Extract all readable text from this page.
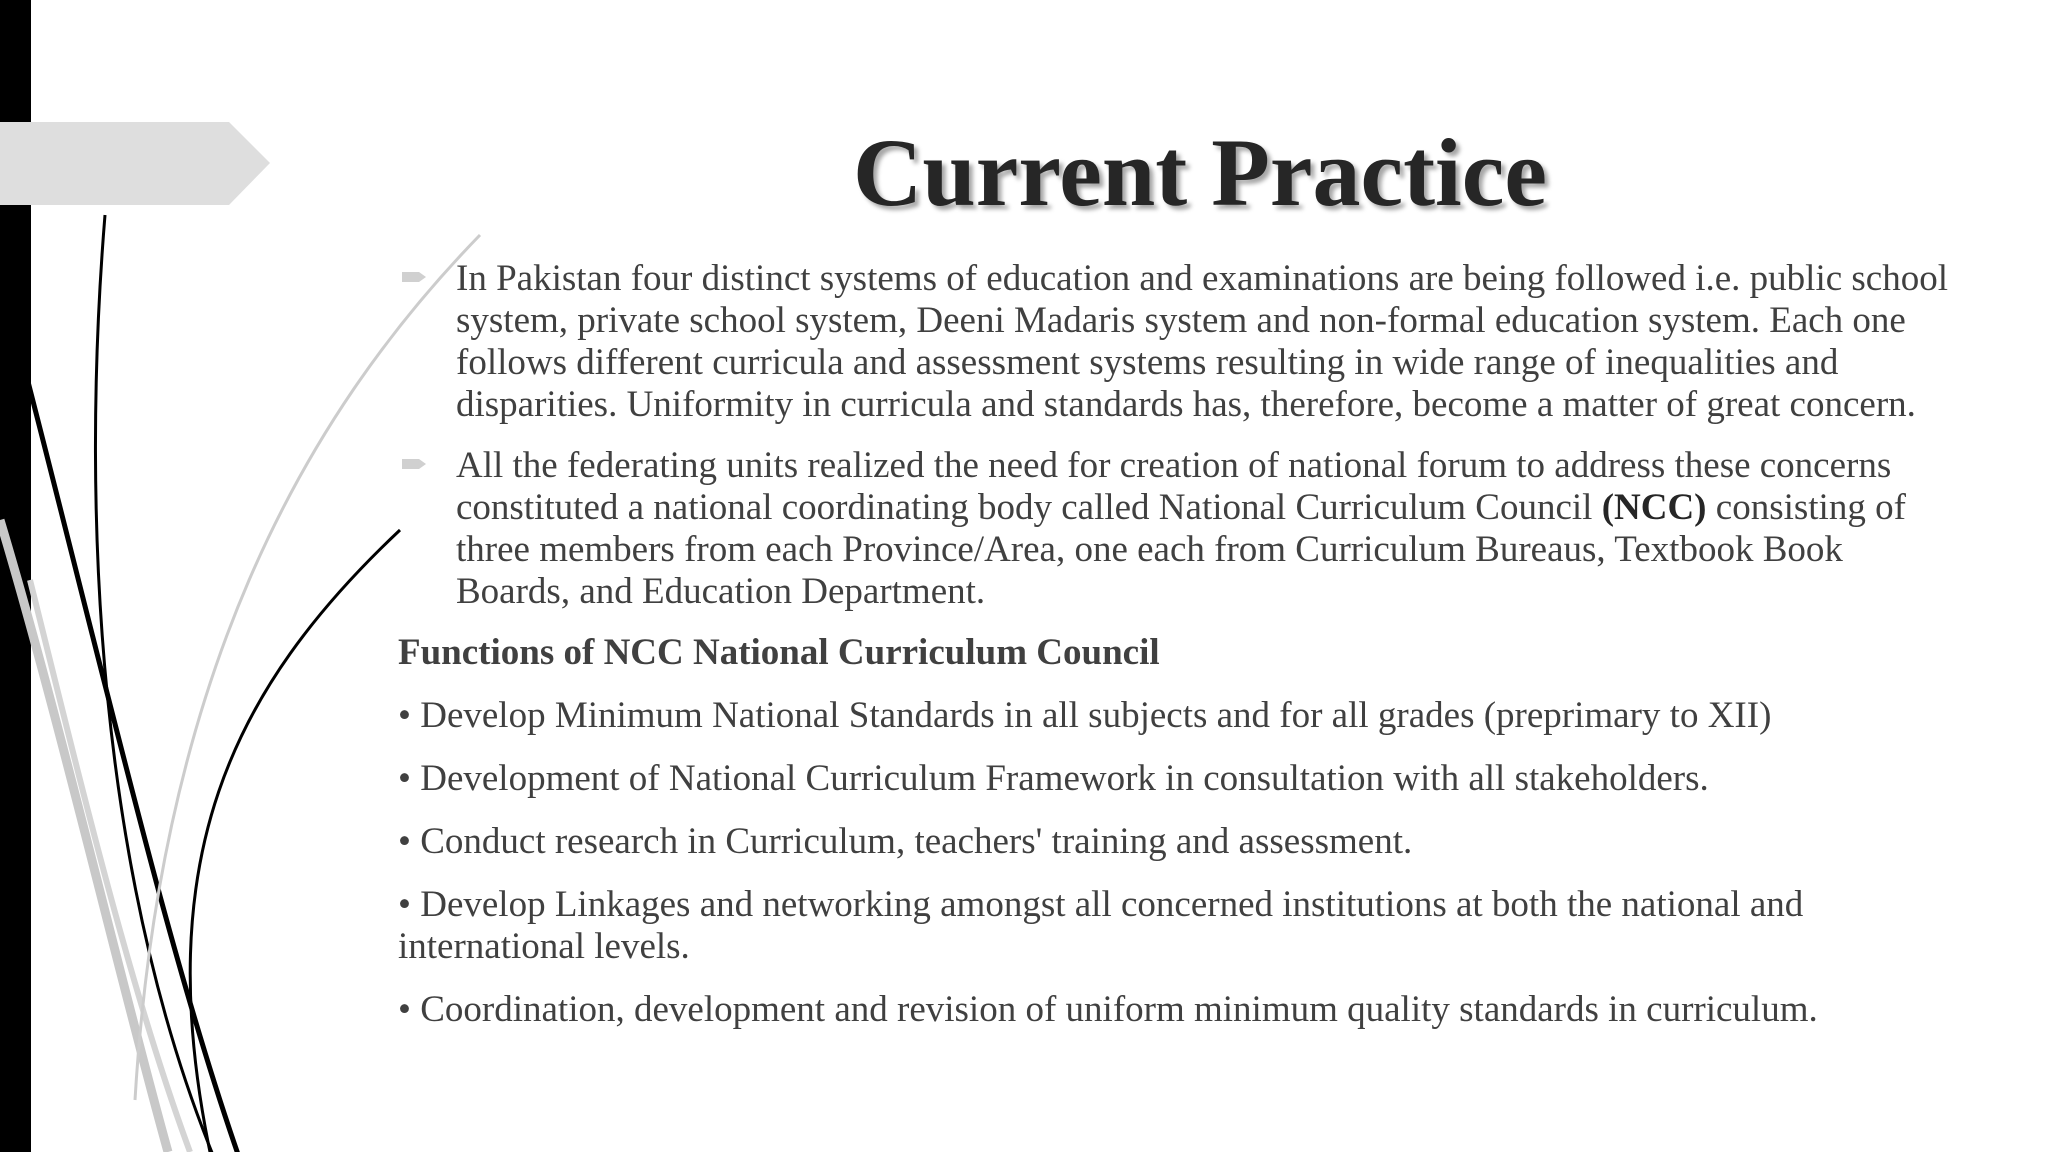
Current Practice

In Pakistan four distinct systems of education and examinations are being followed i.e. public school system, private school system, Deeni Madaris system and non-formal education system. Each one follows different curricula and assessment systems resulting in wide range of inequalities and disparities. Uniformity in curricula and standards has, therefore, become a matter of great concern.

All the federating units realized the need for creation of national forum to address these concerns constituted a national coordinating body called National Curriculum Council (NCC) consisting of three members from each Province/Area, one each from Curriculum Bureaus, Textbook Book Boards, and Education Department.

Functions of NCC National Curriculum Council

• Develop Minimum National Standards in all subjects and for all grades (preprimary to XII)

• Development of National Curriculum Framework in consultation with all stakeholders.

• Conduct research in Curriculum, teachers' training and assessment.

• Develop Linkages and networking amongst all concerned institutions at both the national and international levels.

• Coordination, development and revision of uniform minimum quality standards in curriculum.
